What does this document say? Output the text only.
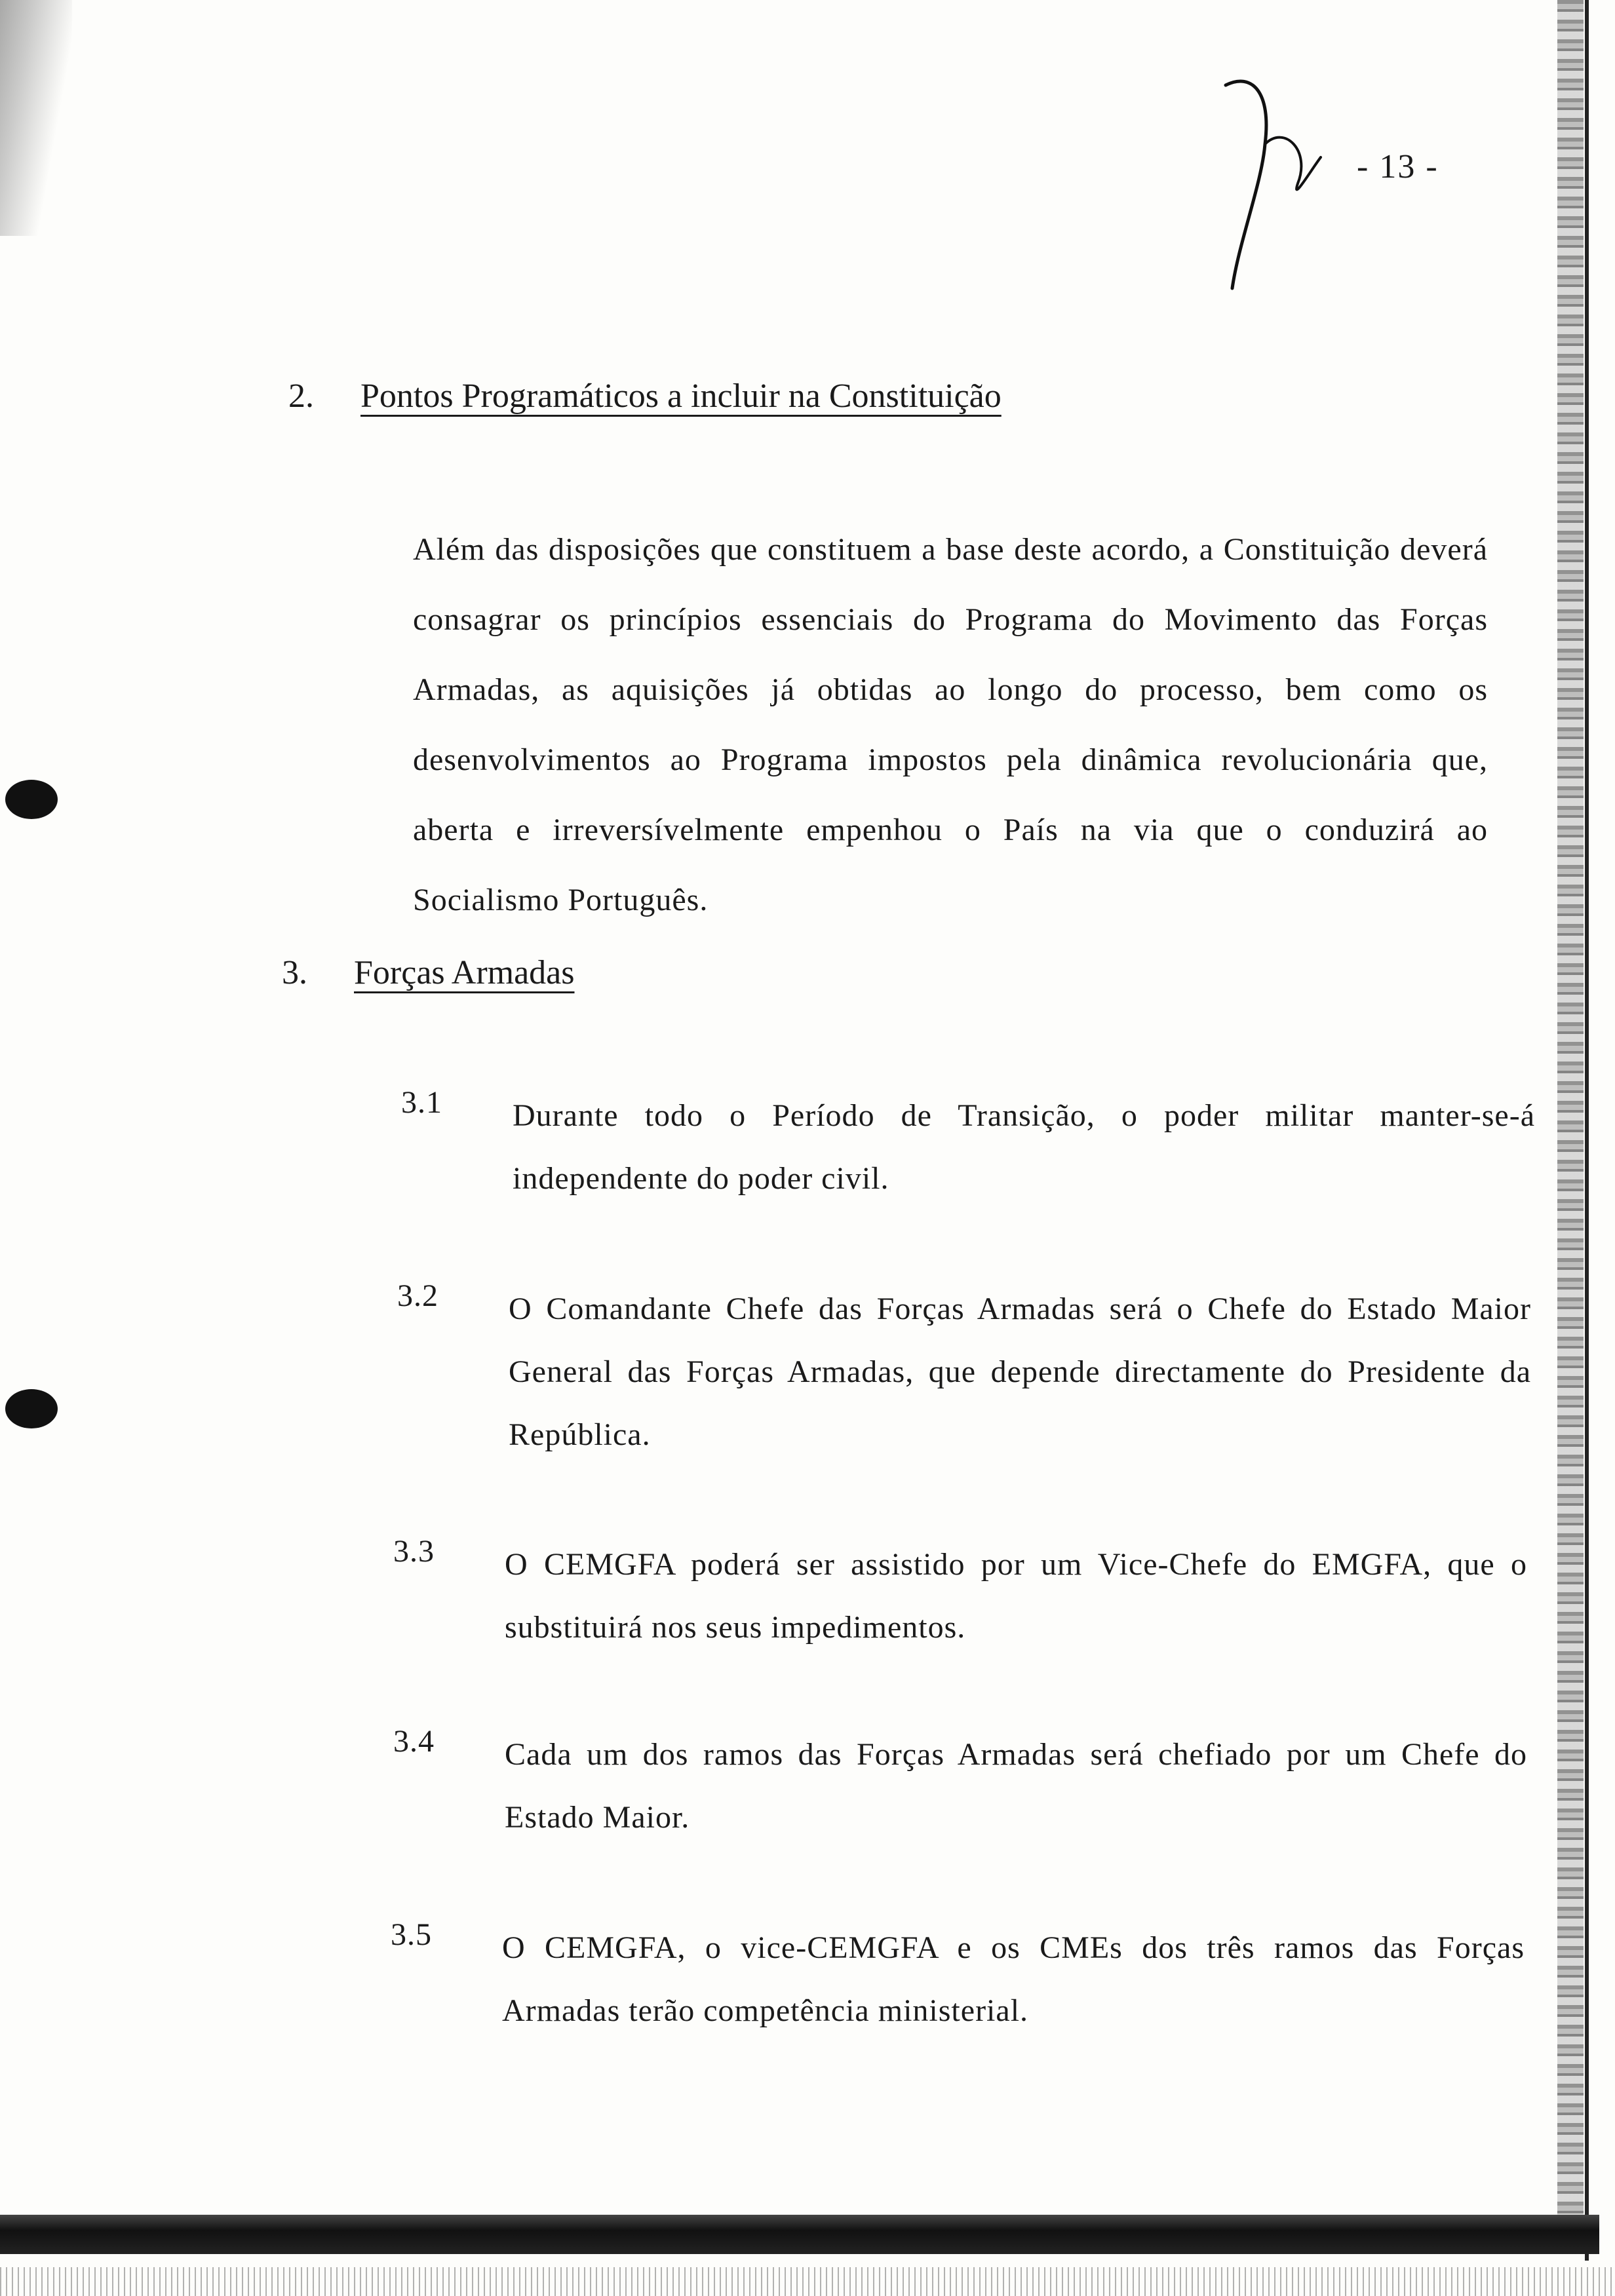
- 13 -
2. Pontos Programáticos a incluir na Constituição
Além das disposições que constituem a base deste acordo, a Constituição deverá consagrar os princípios essenciais do Programa do Movimento das Forças Armadas, as aquisições já obtidas ao longo do processo, bem como os desenvolvimentos ao Programa impostos pela dinâmica revolucionária que, aberta e irreversívelmente empenhou o País na via que o conduzirá ao Socialismo Português.
3. Forças Armadas
3.1 Durante todo o Período de Transição, o poder militar manter-se-á independente do poder civil.
3.2 O Comandante Chefe das Forças Armadas será o Chefe do Estado Maior General das Forças Armadas, que depende directamente do Presidente da República.
3.3 O CEMGFA poderá ser assistido por um Vice-Chefe do EMGFA, que o substituirá nos seus impedimentos.
3.4 Cada um dos ramos das Forças Armadas será chefiado por um Chefe do Estado Maior.
3.5 O CEMGFA, o vice-CEMGFA e os CMEs dos três ramos das Forças Armadas terão competência ministerial.
